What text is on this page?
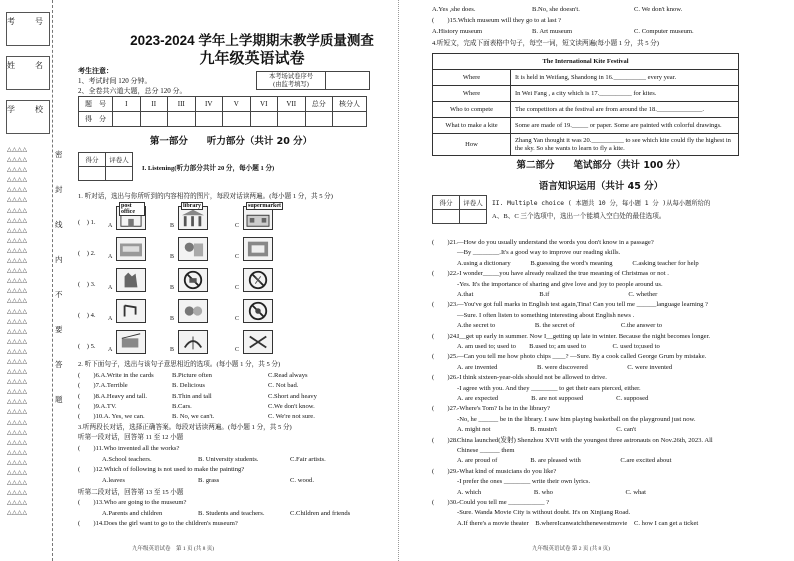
考　号
姓　名
学　校
△△△△
△△△△
△△△△
△△△△
△△△△
△△△△
△△△△
△△△△
△△△△
△△△△
△△△△
△△△△
△△△△
△△△△
△△△△
△△△△
△△△△
△△△△
△△△△
△△△△
△△△△
△△△△
△△△△
△△△△
△△△△
△△△△
△△△△
△△△△
△△△△
△△△△
△△△△
△△△△
△△△△
△△△△
△△△△
△△△△
△△△△
密
封
线
内
不
要
答
题
2023-2024 学年上学期期末教学质量测查
九年级英语试卷
考生注意：
1、考试时间 120 分钟。
2、全卷共六道大题，总分 120 分。
本考场试卷序号
(由监考填写)
题　号	I	II	III	IV	V	VI	VII	总分	核分人
得　分									
第一部分　　听力部分（共计 20 分）
得分	评卷人

I. Listening(听力部分共计 20 分，每小题 1 分)
1. 听对话，选出与你所听到的内容相符的图片，每段对话读两遍。(每小题 1 分，共 5 分)
(　) 1.
post office
A
library
B
supermarket
C
(　) 2. A	B	C
(　) 3. A	B	C
(　) 4. A	B	C
(　) 5. A	B	C
2. 听下面句子，选出与该句子意思相近的选项。(每小题 1 分，共 5 分)
(　　)6.A.Write in the cards	B.Picture often	C.Read always
(　　)7.A.Terrible	B. Delicious	C. Not bad.
(　　)8.A.Heavy and tall.	B.Thin and tall	C.Short and heavy
(　　)9.A.TV.	B.Cars.	C.We don't know.
(　　)10.A. Yes, we can.	B. No, we can't.	C. We're not sure.
3.听两段长对话，选择正确答案。每段对话读两遍。(每小题 1 分，共 5 分)
听第一段对话，回答第 11 至 12 小题
(　　)11.Who invented all the works?
A.School teachers.	B. University students.	C.Fair artists.
(　　)12.Which of following is not used to make the painting?
A.leaves	B. grass	C. wood.
听第二段对话，回答第 13 至 15 小题
(　　)13.Who are going to the museum?
A.Parents and children	B. Students and teachers.	C.Children and friends
(　　)14.Does the girl want to go to the children's museum?
九年级英语试卷　第 1 页 (共 8 页)
A.Yes ,she does.	B.No, she doesn't.	C. We don't know.
(　　)15.Which museum will they go to at last ?
A.History museum	B. Art museum	C. Computer museum.
4.听短文，完成下面表格中句子，每空一词，短文读两遍(每小题 1 分，共 5 分)
The International Kite Festival	
Where	It is held in Weifang, Shandong in 16.__________ every year.
Where	In Wei Fang , a city which is 17.__________ for kites.
Who to compete	The competitors at the festival are from around the 18.______________.
What to make a kite	Some are made of 19._____ or paper. Some are painted with colorful drawings.
How	Zhang Yan thought it was 20.__________ to see which kite could fly the highest in the sky. So she wants to learn to fly a kite.
第二部分　　笔试部分（共计 100 分）
语言知识运用（共计 45 分）
得分	评卷人
	II. Multiple choice ( 本题共 10 分，每小题 1 分 )从每小题所给的
A、B、C 三个选项中，选出一个能填入空白处的最佳选项。
(　　)21. —How do you usually understand the words you don't know in a passage?
—By ________.It's a good way to improve our reading skills.
A.using a dictionary　　　B.guessing the word's meaning　　　C.asking teacher for help
(　　)22. -I wonder_____you have already realized the true meaning of Christmas or not .
-Yes. It's the importance of sharing and give love and joy to people around us.
A.that　　　　　　　　　　B.if　　　　　　　　　　　　C. whether
(　　)23. —You've got full marks in English test again,Tina! Can you tell me ______language learning ?
—Sure. I often listen to something interesting about English news .
A.the secret to　　　　　　B. the secret of　　　　　　　C.the answer to
(　　)24. I__get up early in summer. Now I__getting up late in winter. Because the night becomes longer.
A. am used to; used to　　B.used to; am used to　　　　C. used to;used to
(　　)25. —Can you tell me how photo chips ____? —Sure. By a cook called George Grum by mistake.
A. are invented　　　　　　B. were discovered　　　　　　C. were invented
(　　)26. -I think sixteen-year-olds should not be allowed to drive.
-I agree with you. And they ________ to get their ears pierced, either.
A. are expected　　　　　B. are not supposed　　　　　C. supposed
(　　)27. -Where's Tom? Is he in the library?
-No, he ______ be in the library. I saw him playing basketball on the playground just now.
A. might not　　　　　　B. mustn't　　　　　　　　　C. can't
(　　)28. China launched(发射) Shenzhou XVII with the youngest three astronauts on Nov.26th, 2023. All
Chinese ______ them
A. are proud of　　　　　B. are pleased with　　　　　　C.are excited about
(　　)29. -What kind of musicians do you like?
-I prefer the ones ________ write their own lyrics.
A. which　　　　　　　　B. who　　　　　　　　　　　C. what
(　　)30. -Could you tell me ___________ ?
-Sure. Wanda Movie City is without doubt. It's on Xinjiang Road.
A.If there's a movie theater　B.whereIcanwatchthenewestmovie　C. how I can get a ticket
九年级英语试卷 第 2 页 (共 8 页)
